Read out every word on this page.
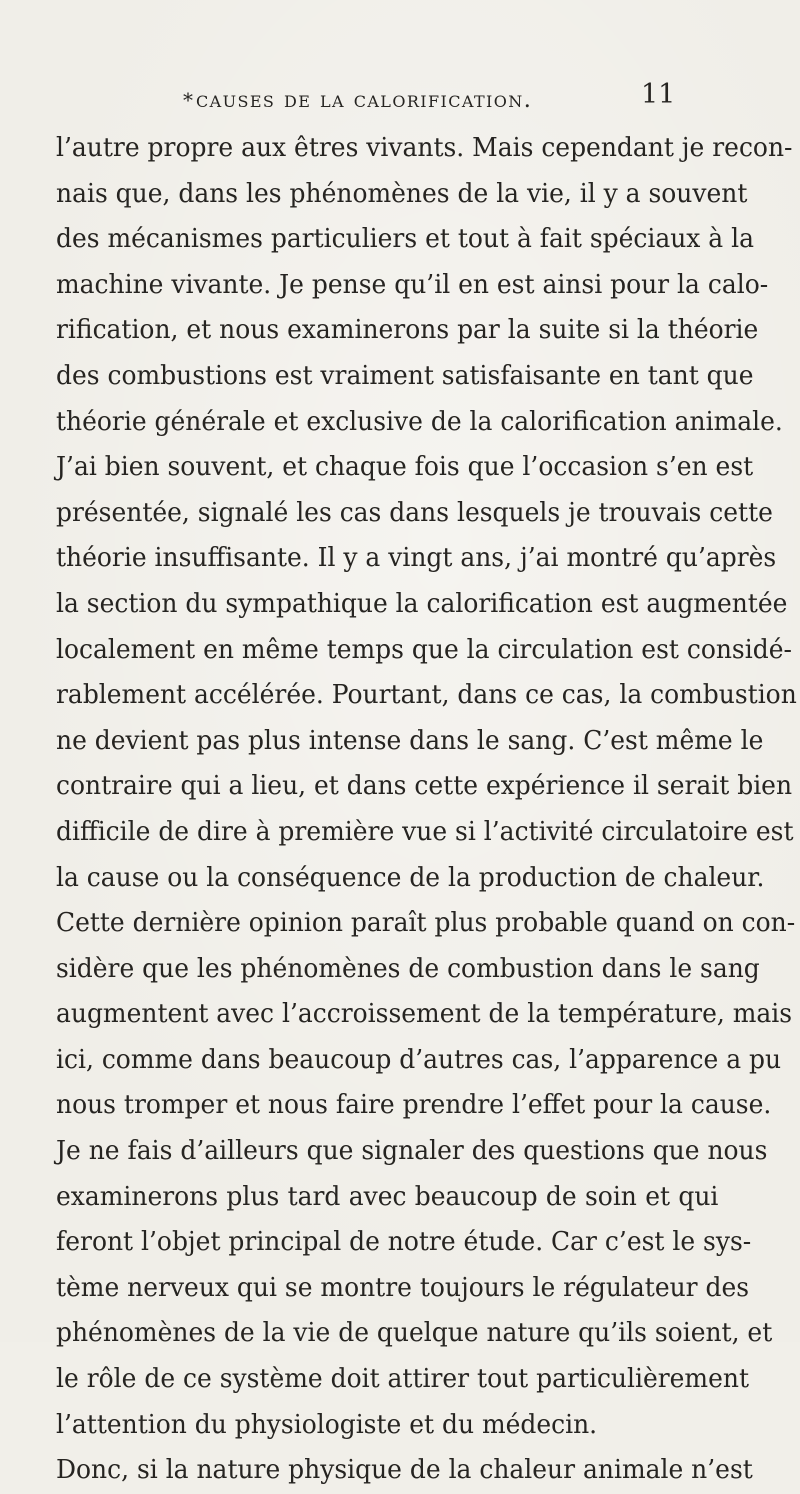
* causes de la calorification.	11
l’autre propre aux êtres vivants. Mais cependant je recon-
nais que, dans les phénomènes de la vie, il y a souvent
des mécanismes particuliers et tout à fait spéciaux à la
machine vivante. Je pense qu’il en est ainsi pour la calo-
rification, et nous examinerons par la suite si la théorie
des combustions est vraiment satisfaisante en tant que
théorie générale et exclusive de la calorification animale.
J’ai bien souvent, et chaque fois que l’occasion s’en est
présentée, signalé les cas dans lesquels je trouvais cette
théorie insuffisante. Il y a vingt ans, j’ai montré qu’après
la section du sympathique la calorification est augmentée
localement en même temps que la circulation est considé-
rablement accélérée. Pourtant, dans ce cas, la combustion
ne devient pas plus intense dans le sang. C’est même le
contraire qui a lieu, et dans cette expérience il serait bien
difficile de dire à première vue si l’activité circulatoire est
la cause ou la conséquence de la production de chaleur.
Cette dernière opinion paraît plus probable quand on con-
sidère que les phénomènes de combustion dans le sang
augmentent avec l’accroissement de la température, mais
ici, comme dans beaucoup d’autres cas, l’apparence a pu
nous tromper et nous faire prendre l’effet pour la cause.
Je ne fais d’ailleurs que signaler des questions que nous
examinerons plus tard avec beaucoup de soin et qui
feront l’objet principal de notre étude. Car c’est le sys-
tème nerveux qui se montre toujours le régulateur des
phénomènes de la vie de quelque nature qu’ils soient, et
le rôle de ce système doit attirer tout particulièrement
l’attention du physiologiste et du médecin.
Donc, si la nature physique de la chaleur animale n’est
